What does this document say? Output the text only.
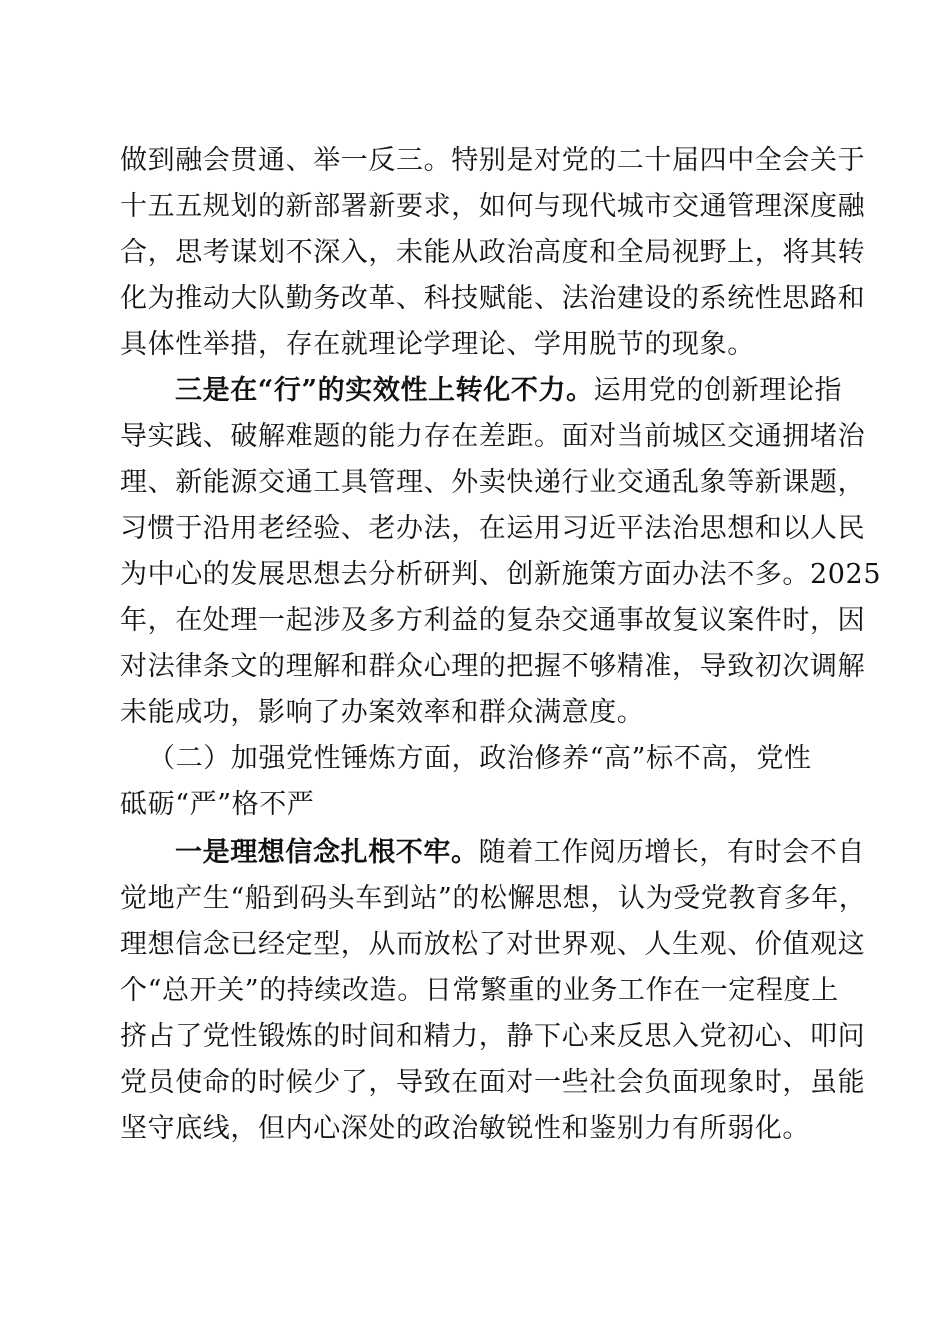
做到融会贯通、举一反三。特别是对党的二十届四中全会关于
十五五规划的新部署新要求，如何与现代城市交通管理深度融
合，思考谋划不深入，未能从政治高度和全局视野上，将其转
化为推动大队勤务改革、科技赋能、法治建设的系统性思路和
具体性举措，存在就理论学理论、学用脱节的现象。
三是在“行”的实效性上转化不力。运用党的创新理论指
导实践、破解难题的能力存在差距。面对当前城区交通拥堵治
理、新能源交通工具管理、外卖快递行业交通乱象等新课题，
习惯于沿用老经验、老办法，在运用习近平法治思想和以人民
为中心的发展思想去分析研判、创新施策方面办法不多。2025
年，在处理一起涉及多方利益的复杂交通事故复议案件时，因
对法律条文的理解和群众心理的把握不够精准，导致初次调解
未能成功，影响了办案效率和群众满意度。
（二）加强党性锤炼方面，政治修养“高”标不高，党性
砥砺“严”格不严
一是理想信念扎根不牢。随着工作阅历增长，有时会不自
觉地产生“船到码头车到站”的松懈思想，认为受党教育多年，
理想信念已经定型，从而放松了对世界观、人生观、价值观这
个“总开关”的持续改造。日常繁重的业务工作在一定程度上
挤占了党性锻炼的时间和精力，静下心来反思入党初心、叩问
党员使命的时候少了，导致在面对一些社会负面现象时，虽能
坚守底线，但内心深处的政治敏锐性和鉴别力有所弱化。
